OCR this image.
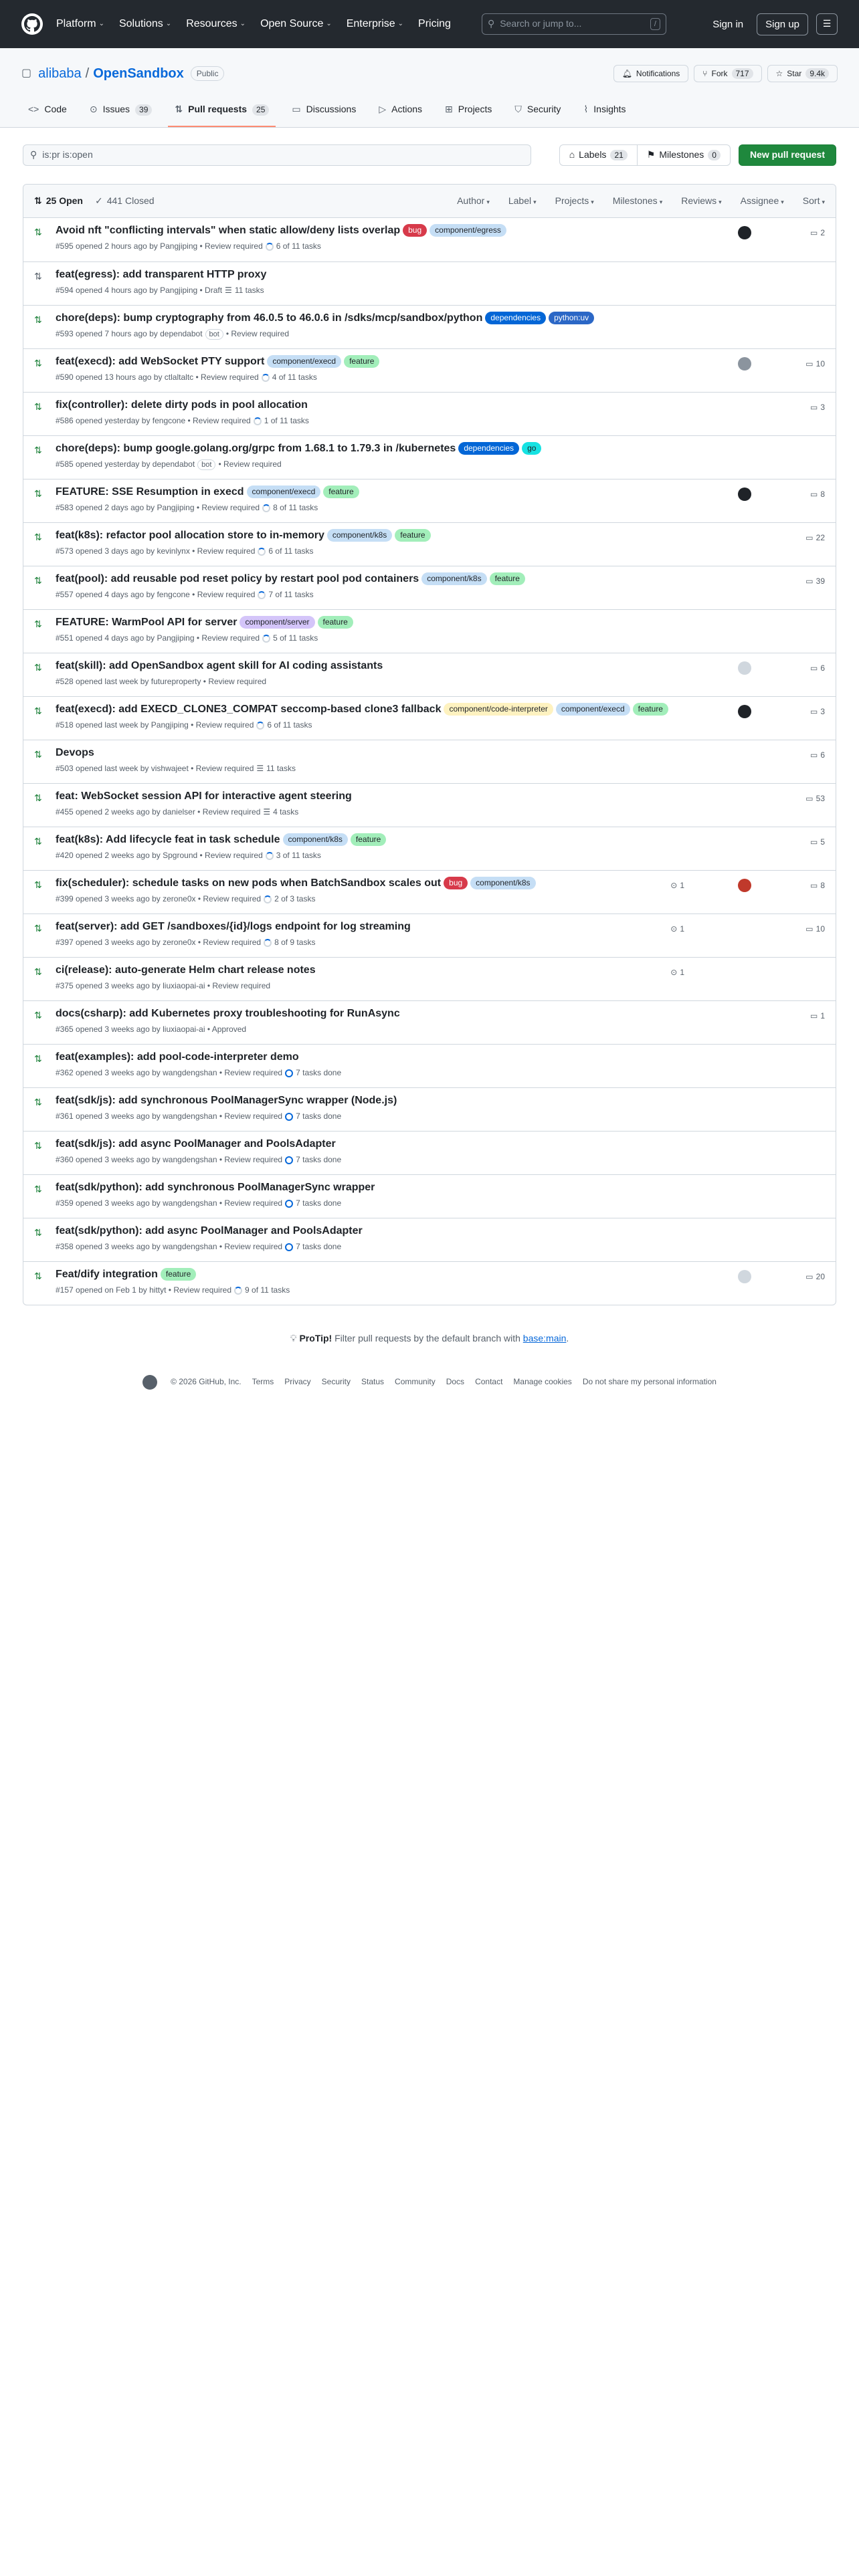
Platform ⌄ Solutions ⌄ Resources ⌄ Open Source ⌄ Enterprise ⌄ Pricing	⚲ Search or jump to...	/	Sign in	Sign up	☰
▢ alibaba / OpenSandbox	Public	🔔︎ Notifications	⑂ Fork	717	☆ Star	9.4k
<> Code ⊙ Issues	39	⇅ Pull requests	25	▭ Discussions ▷ Actions ⊞ Projects ⛉ Security ⌇ Insights
⚲ is:pr is:open	⌂ Labels	21	⚑ Milestones	0	New pull request
⇅ 25 Open ✓ 441 Closed	Author ▾ Label ▾ Projects ▾ Milestones ▾ Reviews ▾ Assignee ▾ Sort ▾
⇅ Avoid nft "conflicting intervals" when static allow/deny lists overlap bug component/egress
#595 opened 2 hours ago by Pangjiping • Review required 6 of 11 tasks
▭ 2
⇅ feat(egress): add transparent HTTP proxy
#594 opened 4 hours ago by Pangjiping • Draft ☰ 11 tasks
⇅ chore(deps): bump cryptography from 46.0.5 to 46.0.6 in /sdks/mcp/sandbox/python dependencies python:uv
#593 opened 7 hours ago by dependabot bot • Review required
⇅ feat(execd): add WebSocket PTY support component/execd feature
#590 opened 13 hours ago by ctlaltaltc • Review required 4 of 11 tasks
▭ 10
⇅ fix(controller): delete dirty pods in pool allocation
#586 opened yesterday by fengcone • Review required 1 of 11 tasks
▭ 3
⇅ chore(deps): bump google.golang.org/grpc from 1.68.1 to 1.79.3 in /kubernetes dependencies go
#585 opened yesterday by dependabot bot • Review required
⇅ FEATURE: SSE Resumption in execd component/execd feature
#583 opened 2 days ago by Pangjiping • Review required 8 of 11 tasks
▭ 8
⇅ feat(k8s): refactor pool allocation store to in-memory component/k8s feature
#573 opened 3 days ago by kevinlynx • Review required 6 of 11 tasks
▭ 22
⇅ feat(pool): add reusable pod reset policy by restart pool pod containers component/k8s feature
#557 opened 4 days ago by fengcone • Review required 7 of 11 tasks
▭ 39
⇅ FEATURE: WarmPool API for server component/server feature
#551 opened 4 days ago by Pangjiping • Review required 5 of 11 tasks
⇅ feat(skill): add OpenSandbox agent skill for AI coding assistants
#528 opened last week by futureproperty • Review required
▭ 6
⇅ feat(execd): add EXECD_CLONE3_COMPAT seccomp-based clone3 fallback component/code-interpreter component/execd feature
#518 opened last week by Pangjiping • Review required 6 of 11 tasks
▭ 3
⇅ Devops
#503 opened last week by vishwajeet • Review required ☰ 11 tasks
▭ 6
⇅ feat: WebSocket session API for interactive agent steering
#455 opened 2 weeks ago by danielser • Review required ☰ 4 tasks
▭ 53
⇅ feat(k8s): Add lifecycle feat in task schedule component/k8s feature
#420 opened 2 weeks ago by Spground • Review required 3 of 11 tasks
▭ 5
⇅ fix(scheduler): schedule tasks on new pods when BatchSandbox scales out bug component/k8s
#399 opened 3 weeks ago by zerone0x • Review required 2 of 3 tasks
⊙ 1	▭ 8
⇅ feat(server): add GET /sandboxes/{id}/logs endpoint for log streaming
#397 opened 3 weeks ago by zerone0x • Review required 8 of 9 tasks
⊙ 1	▭ 10
⇅ ci(release): auto-generate Helm chart release notes
#375 opened 3 weeks ago by liuxiaopai-ai • Review required
⊙ 1
⇅ docs(csharp): add Kubernetes proxy troubleshooting for RunAsync
#365 opened 3 weeks ago by liuxiaopai-ai • Approved
▭ 1
⇅ feat(examples): add pool-code-interpreter demo
#362 opened 3 weeks ago by wangdengshan • Review required 7 tasks done
⇅ feat(sdk/js): add synchronous PoolManagerSync wrapper (Node.js)
#361 opened 3 weeks ago by wangdengshan • Review required 7 tasks done
⇅ feat(sdk/js): add async PoolManager and PoolsAdapter
#360 opened 3 weeks ago by wangdengshan • Review required 7 tasks done
⇅ feat(sdk/python): add synchronous PoolManagerSync wrapper
#359 opened 3 weeks ago by wangdengshan • Review required 7 tasks done
⇅ feat(sdk/python): add async PoolManager and PoolsAdapter
#358 opened 3 weeks ago by wangdengshan • Review required 7 tasks done
⇅ Feat/dify integration feature
#157 opened on Feb 1 by hittyt • Review required 9 of 11 tasks
▭ 20

💡︎ ProTip! Filter pull requests by the default branch with base:main.

© 2026 GitHub, Inc. Terms Privacy Security Status Community Docs Contact Manage cookies Do not share my personal information
